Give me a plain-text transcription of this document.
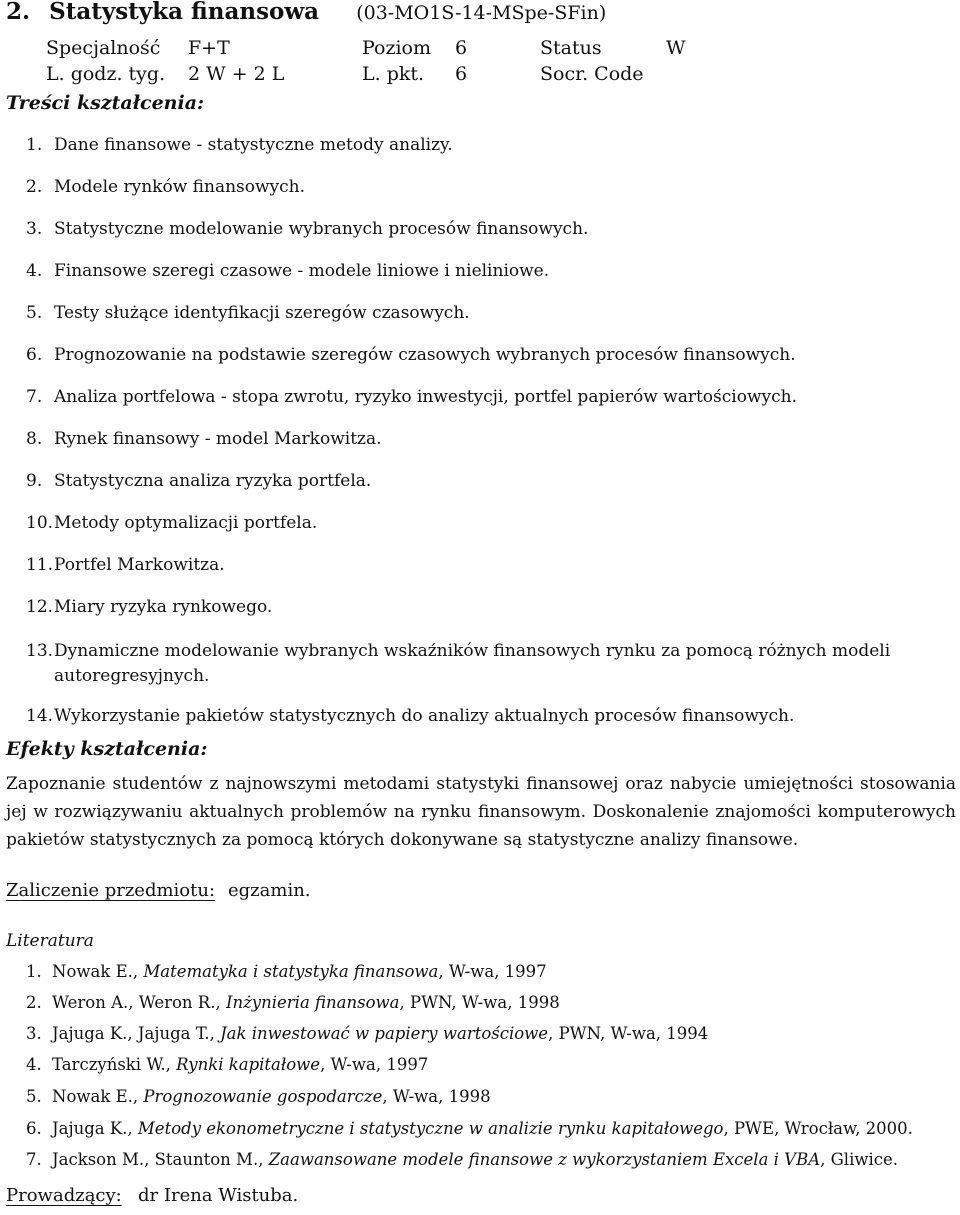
2. Statystyka finansowa (03-MO1S-14-MSpe-SFin)
Specjalność F+T	Poziom 6	Status	W
L. godz. tyg. 2 W + 2 L	L. pkt. 6	Socr. Code
Treści kształcenia:
1. Dane finansowe - statystyczne metody analizy.
2. Modele rynków finansowych.
3. Statystyczne modelowanie wybranych procesów finansowych.
4. Finansowe szeregi czasowe - modele liniowe i nieliniowe.
5. Testy służące identyfikacji szeregów czasowych.
6. Prognozowanie na podstawie szeregów czasowych wybranych procesów finansowych.
7. Analiza portfelowa - stopa zwrotu, ryzyko inwestycji, portfel papierów wartościowych.
8. Rynek finansowy - model Markowitza.
9. Statystyczna analiza ryzyka portfela.
10.Metody optymalizacji portfela.
11.Portfel Markowitza.
12.Miary ryzyka rynkowego.
13. Dynamiczne modelowanie wybranych wskaźników finansowych rynku za pomocą różnych modeli autoregresyjnych.
14.Wykorzystanie pakietów statystycznych do analizy aktualnych procesów finansowych.
Efekty kształcenia:
Zapoznanie studentów z najnowszymi metodami statystyki finansowej oraz nabycie umiejętności stosowania jej w rozwiązywaniu aktualnych problemów na rynku finansowym. Doskonalenie znajomości komputerowych pakietów statystycznych za pomocą których dokonywane są statystyczne analizy finansowe.
Zaliczenie przedmiotu: egzamin.
Literatura
1. Nowak E., Matematyka i statystyka finansowa, W-wa, 1997
2. Weron A., Weron R., Inżynieria finansowa, PWN, W-wa, 1998
3. Jajuga K., Jajuga T., Jak inwestować w papiery wartościowe, PWN, W-wa, 1994
4. Tarczyński W., Rynki kapitałowe, W-wa, 1997
5. Nowak E., Prognozowanie gospodarcze, W-wa, 1998
6. Jajuga K., Metody ekonometryczne i statystyczne w analizie rynku kapitałowego, PWE, Wrocław, 2000.
7. Jackson M., Staunton M., Zaawansowane modele finansowe z wykorzystaniem Excela i VBA, Gliwice.
Prowadzący: dr Irena Wistuba.
